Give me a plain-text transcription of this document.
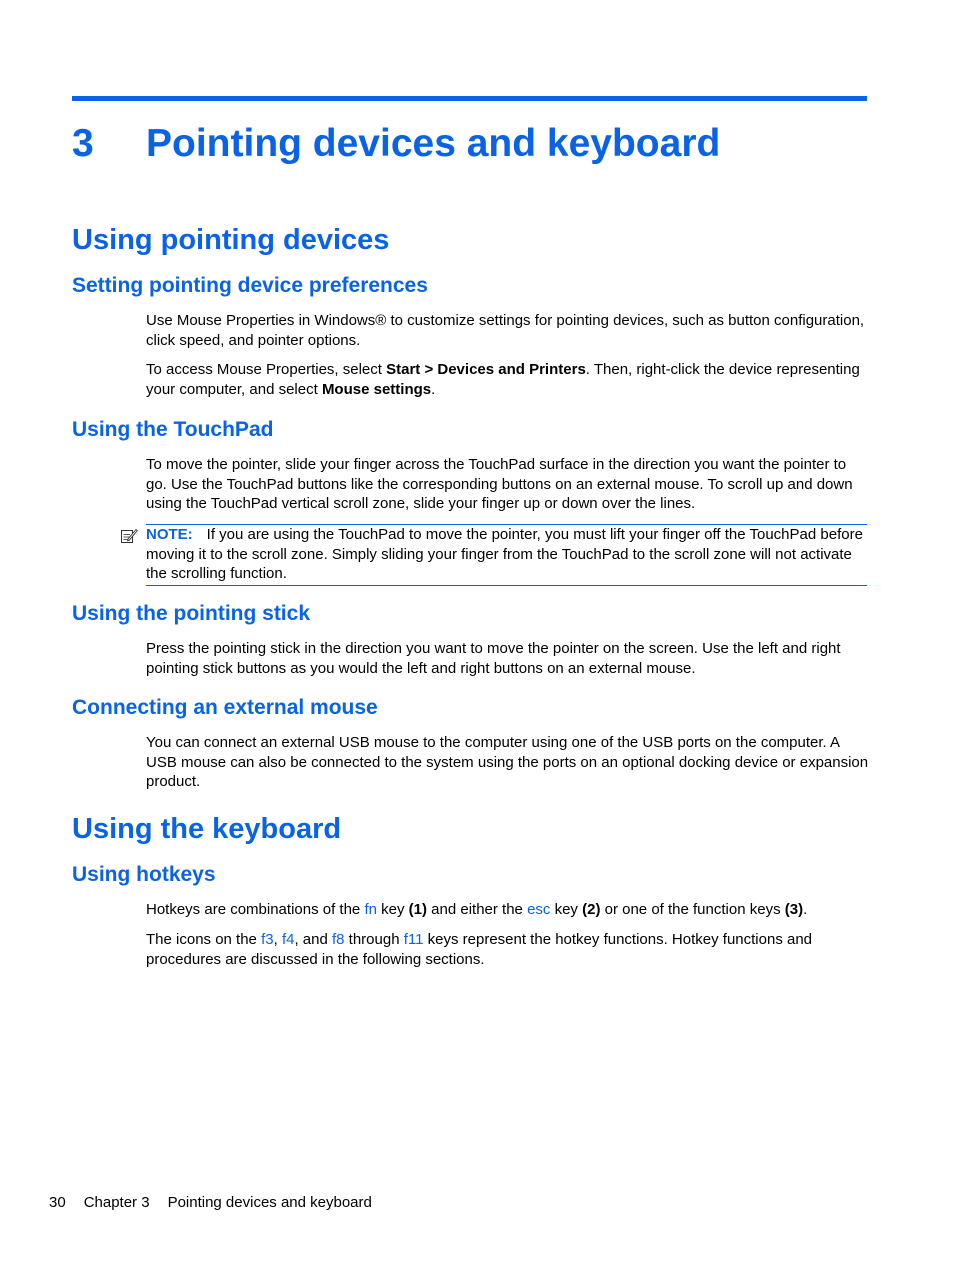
3 Pointing devices and keyboard
Using pointing devices
Setting pointing device preferences
Use Mouse Properties in Windows® to customize settings for pointing devices, such as button configuration, click speed, and pointer options.
To access Mouse Properties, select Start > Devices and Printers. Then, right-click the device representing your computer, and select Mouse settings.
Using the TouchPad
To move the pointer, slide your finger across the TouchPad surface in the direction you want the pointer to go. Use the TouchPad buttons like the corresponding buttons on an external mouse. To scroll up and down using the TouchPad vertical scroll zone, slide your finger up or down over the lines.
NOTE: If you are using the TouchPad to move the pointer, you must lift your finger off the TouchPad before moving it to the scroll zone. Simply sliding your finger from the TouchPad to the scroll zone will not activate the scrolling function.
Using the pointing stick
Press the pointing stick in the direction you want to move the pointer on the screen. Use the left and right pointing stick buttons as you would the left and right buttons on an external mouse.
Connecting an external mouse
You can connect an external USB mouse to the computer using one of the USB ports on the computer. A USB mouse can also be connected to the system using the ports on an optional docking device or expansion product.
Using the keyboard
Using hotkeys
Hotkeys are combinations of the fn key (1) and either the esc key (2) or one of the function keys (3).
The icons on the f3, f4, and f8 through f11 keys represent the hotkey functions. Hotkey functions and procedures are discussed in the following sections.
30 Chapter 3 Pointing devices and keyboard
